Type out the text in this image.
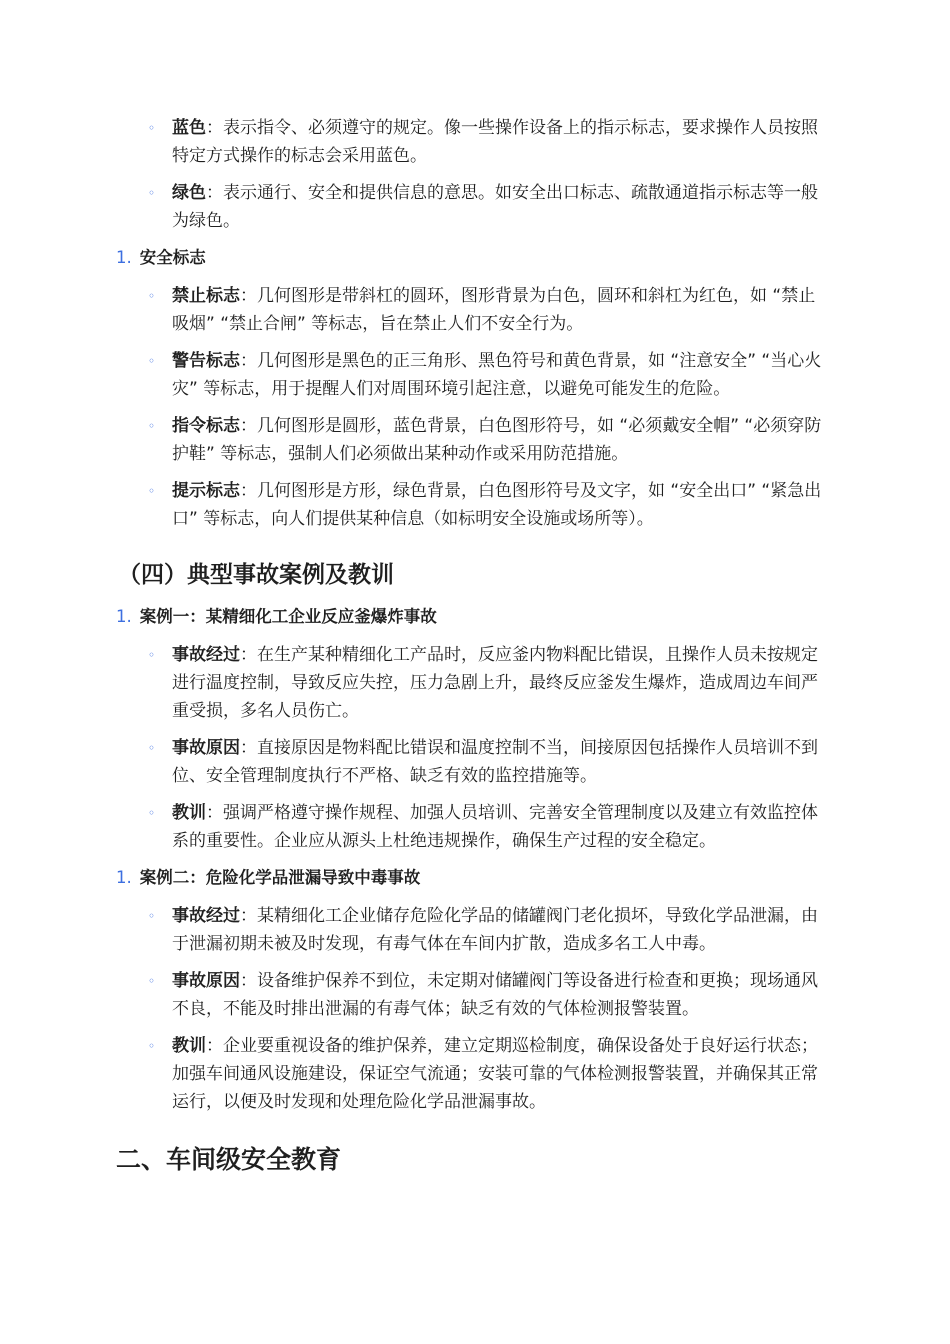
◦ 蓝色：表示指令、必须遵守的规定。像一些操作设备上的指示标志，要求操作人员按照特定方式操作的标志会采用蓝色。
◦ 绿色：表示通行、安全和提供信息的意思。如安全出口标志、疏散通道指示标志等一般为绿色。
1. 安全标志
◦ 禁止标志：几何图形是带斜杠的圆环，图形背景为白色，圆环和斜杠为红色，如 “禁止吸烟” “禁止合闸” 等标志，旨在禁止人们不安全行为。
◦ 警告标志：几何图形是黑色的正三角形、黑色符号和黄色背景，如 “注意安全” “当心火灾” 等标志，用于提醒人们对周围环境引起注意，以避免可能发生的危险。
◦ 指令标志：几何图形是圆形，蓝色背景，白色图形符号，如 “必须戴安全帽” “必须穿防护鞋” 等标志，强制人们必须做出某种动作或采用防范措施。
◦ 提示标志：几何图形是方形，绿色背景，白色图形符号及文字，如 “安全出口” “紧急出口” 等标志，向人们提供某种信息（如标明安全设施或场所等）。
（四）典型事故案例及教训
1. 案例一：某精细化工企业反应釜爆炸事故
◦ 事故经过：在生产某种精细化工产品时，反应釜内物料配比错误，且操作人员未按规定进行温度控制，导致反应失控，压力急剧上升，最终反应釜发生爆炸，造成周边车间严重受损，多名人员伤亡。
◦ 事故原因：直接原因是物料配比错误和温度控制不当，间接原因包括操作人员培训不到位、安全管理制度执行不严格、缺乏有效的监控措施等。
◦ 教训：强调严格遵守操作规程、加强人员培训、完善安全管理制度以及建立有效监控体系的重要性。企业应从源头上杜绝违规操作，确保生产过程的安全稳定。
1. 案例二：危险化学品泄漏导致中毒事故
◦ 事故经过：某精细化工企业储存危险化学品的储罐阀门老化损坏，导致化学品泄漏，由于泄漏初期未被及时发现，有毒气体在车间内扩散，造成多名工人中毒。
◦ 事故原因：设备维护保养不到位，未定期对储罐阀门等设备进行检查和更换；现场通风不良，不能及时排出泄漏的有毒气体；缺乏有效的气体检测报警装置。
◦ 教训：企业要重视设备的维护保养，建立定期巡检制度，确保设备处于良好运行状态；加强车间通风设施建设，保证空气流通；安装可靠的气体检测报警装置，并确保其正常运行，以便及时发现和处理危险化学品泄漏事故。
二、车间级安全教育
